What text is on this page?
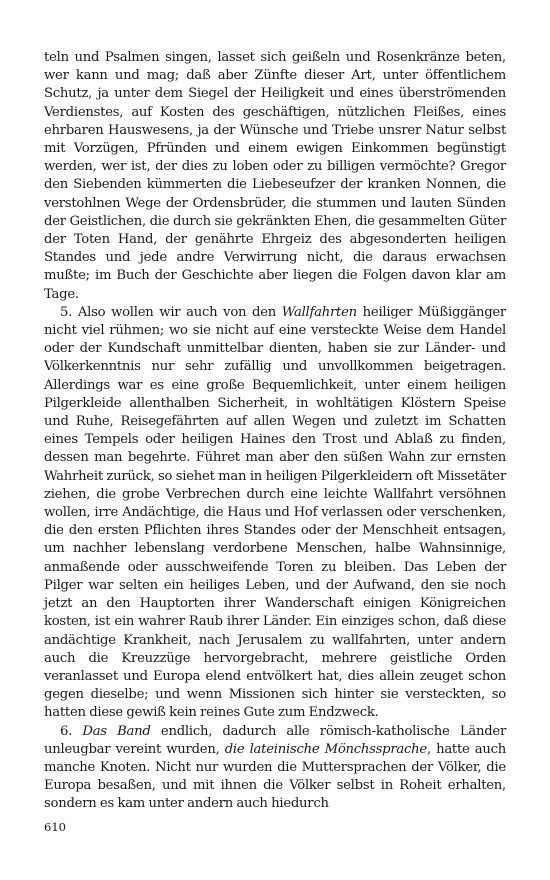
teln und Psalmen singen, lasset sich geißeln und Rosenkränze beten, wer kann und mag; daß aber Zünfte dieser Art, unter öffentlichem Schutz, ja unter dem Siegel der Heiligkeit und eines überströmenden Verdienstes, auf Kosten des geschäftigen, nützlichen Fleißes, eines ehrbaren Hauswesens, ja der Wünsche und Triebe unsrer Natur selbst mit Vorzügen, Pfründen und einem ewigen Einkommen begünstigt werden, wer ist, der dies zu loben oder zu billigen vermöchte? Gregor den Siebenden kümmerten die Liebeseufzer der kranken Nonnen, die verstohlnen Wege der Ordensbrüder, die stummen und lauten Sünden der Geistlichen, die durch sie gekränkten Ehen, die gesammelten Güter der Toten Hand, der genährte Ehrgeiz des abgesonderten heiligen Standes und jede andre Verwirrung nicht, die daraus erwachsen mußte; im Buch der Geschichte aber liegen die Folgen davon klar am Tage.

5. Also wollen wir auch von den Wallfahrten heiliger Müßiggänger nicht viel rühmen; wo sie nicht auf eine versteckte Weise dem Handel oder der Kundschaft unmittelbar dienten, haben sie zur Länder- und Völkerkenntnis nur sehr zufällig und unvollkommen beigetragen. Allerdings war es eine große Bequemlichkeit, unter einem heiligen Pilgerkleide allenthalben Sicherheit, in wohltätigen Klöstern Speise und Ruhe, Reisegefährten auf allen Wegen und zuletzt im Schatten eines Tempels oder heiligen Haines den Trost und Ablaß zu finden, dessen man begehrte. Führet man aber den süßen Wahn zur ernsten Wahrheit zurück, so siehet man in heiligen Pilgerkleidern oft Missetäter ziehen, die grobe Verbrechen durch eine leichte Wallfahrt versöhnen wollen, irre Andächtige, die Haus und Hof verlassen oder verschenken, die den ersten Pflichten ihres Standes oder der Menschheit entsagen, um nachher lebenslang verdorbene Menschen, halbe Wahnsinnige, anmaßende oder ausschweifende Toren zu bleiben. Das Leben der Pilger war selten ein heiliges Leben, und der Aufwand, den sie noch jetzt an den Hauptorten ihrer Wanderschaft einigen Königreichen kosten, ist ein wahrer Raub ihrer Länder. Ein einziges schon, daß diese andächtige Krankheit, nach Jerusalem zu wallfahrten, unter andern auch die Kreuzzüge hervorgebracht, mehrere geistliche Orden veranlasset und Europa elend entvölkert hat, dies allein zeuget schon gegen dieselbe; und wenn Missionen sich hinter sie versteckten, so hatten diese gewiß kein reines Gute zum Endzweck.

6. Das Band endlich, dadurch alle römisch-katholische Länder unleugbar vereint wurden, die lateinische Mönchssprache, hatte auch manche Knoten. Nicht nur wurden die Muttersprachen der Völker, die Europa besaßen, und mit ihnen die Völker selbst in Roheit erhalten, sondern es kam unter andern auch hiedurch

610
